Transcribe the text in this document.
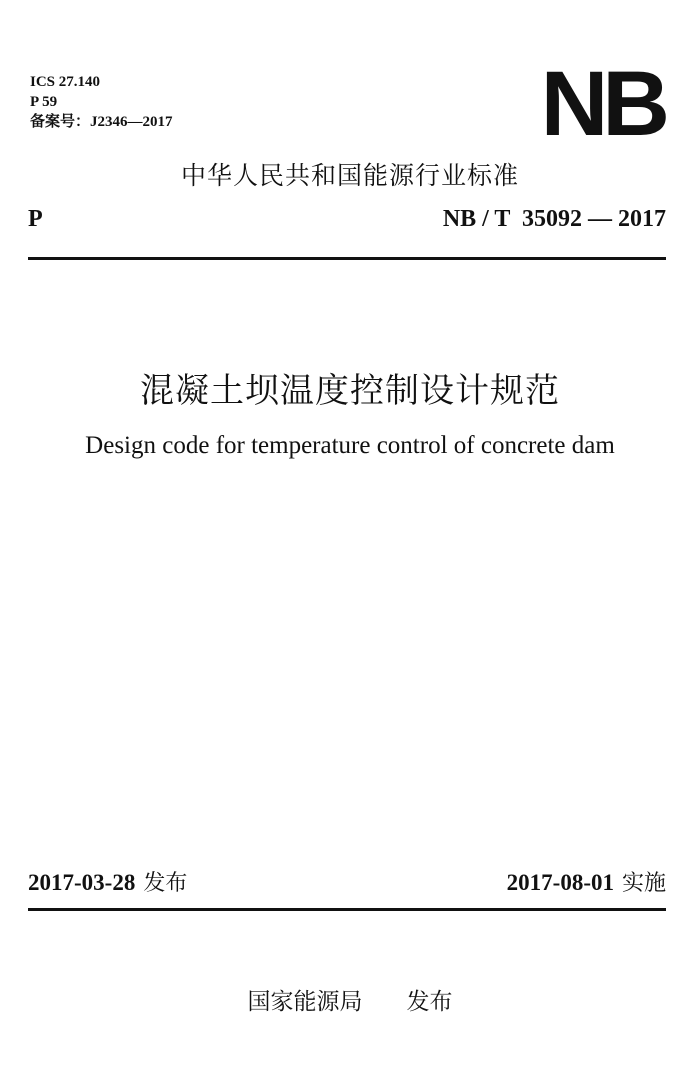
ICS 27.140
P 59
备案号：J2346—2017	NB
中华人民共和国能源行业标准
P	NB / T  35092 — 2017
混凝土坝温度控制设计规范
Design code for temperature control of concrete dam
2017-03-28 发布	2017-08-01 实施
国家能源局 发布
